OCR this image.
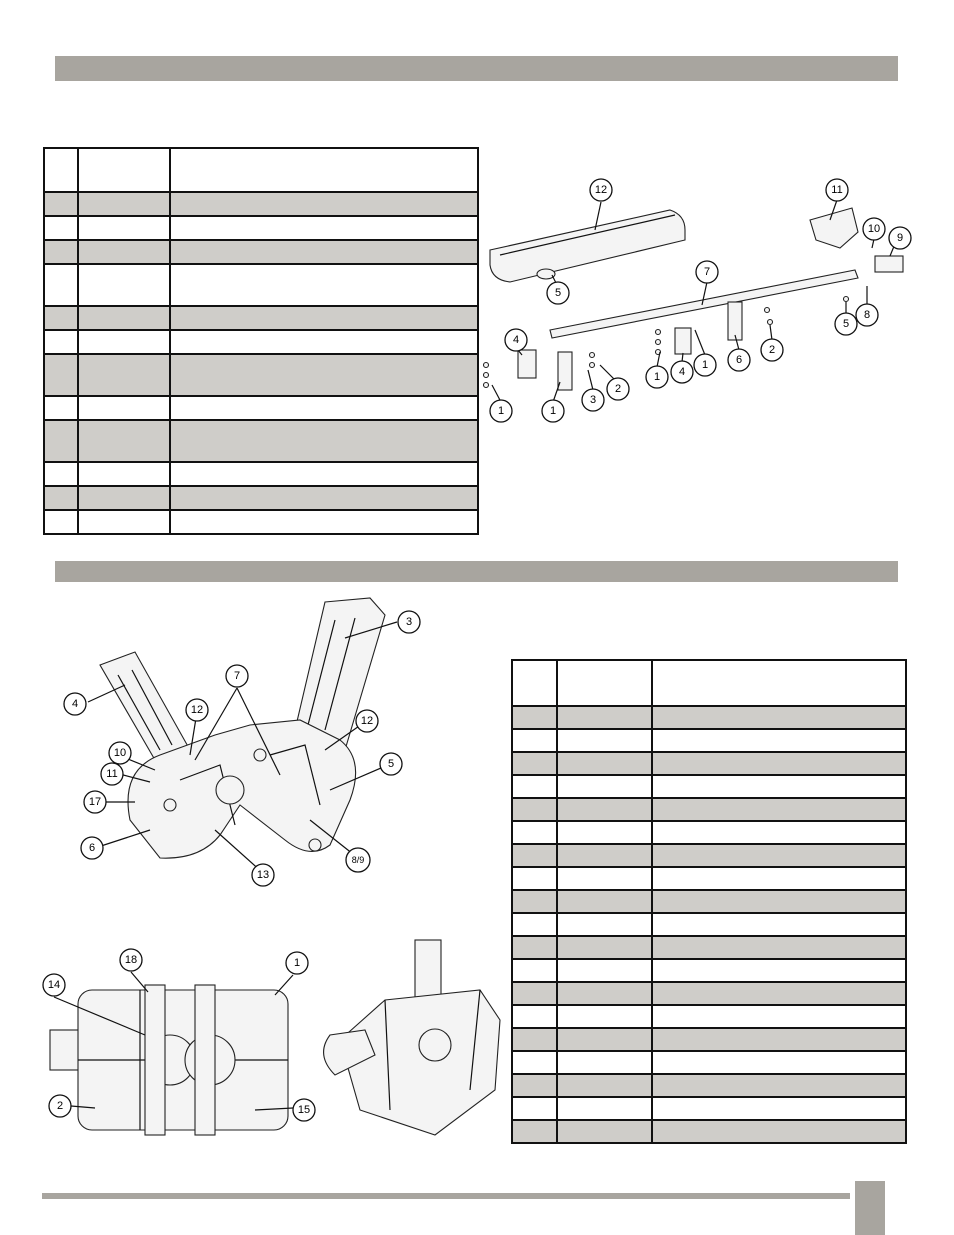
12	11
10
9
7
5
5
8
4
1
4
1	6
2
2
3
1
1
3
4
7
12
12
10
11
5
17
6
13
8/9
18
14
1
2	15
